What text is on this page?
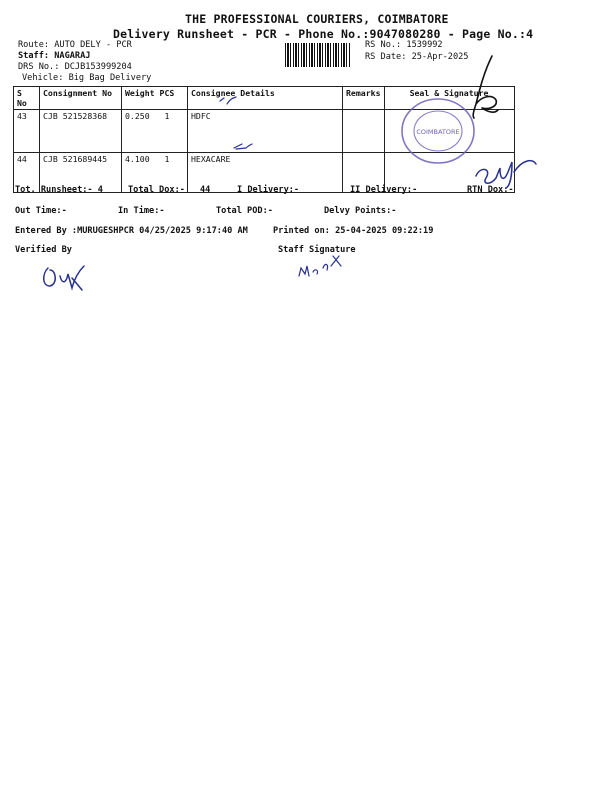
THE PROFESSIONAL COURIERS, COIMBATORE
Delivery Runsheet - PCR - Phone No.:9047080280 - Page No.:4
Route: AUTO DELY - PCR
Staff: NAGARAJ
DRS No.: DCJB153999204
Vehicle: Big Bag Delivery
RS No.: 1539992
RS Date: 25-Apr-2025
S No	Consignment No	Weight PCS	Consignee Details	Remarks	Seal & Signature
43	CJB 521528368	0.250 1	HDFC		
44	CJB 521689445	4.100 1	HEXACARE		
Tot. Runsheet:- 4	Total Dox:- 44	I Delivery:-	II Delivery:-	RTN Dox:-
Out Time:-	In Time:-	Total POD:-	Delvy Points:-
Entered By :MURUGESHPCR 04/25/2025 9:17:40 AM	Printed on: 25-04-2025 09:22:19
Verified By	Staff Signature
COIMBATORE
